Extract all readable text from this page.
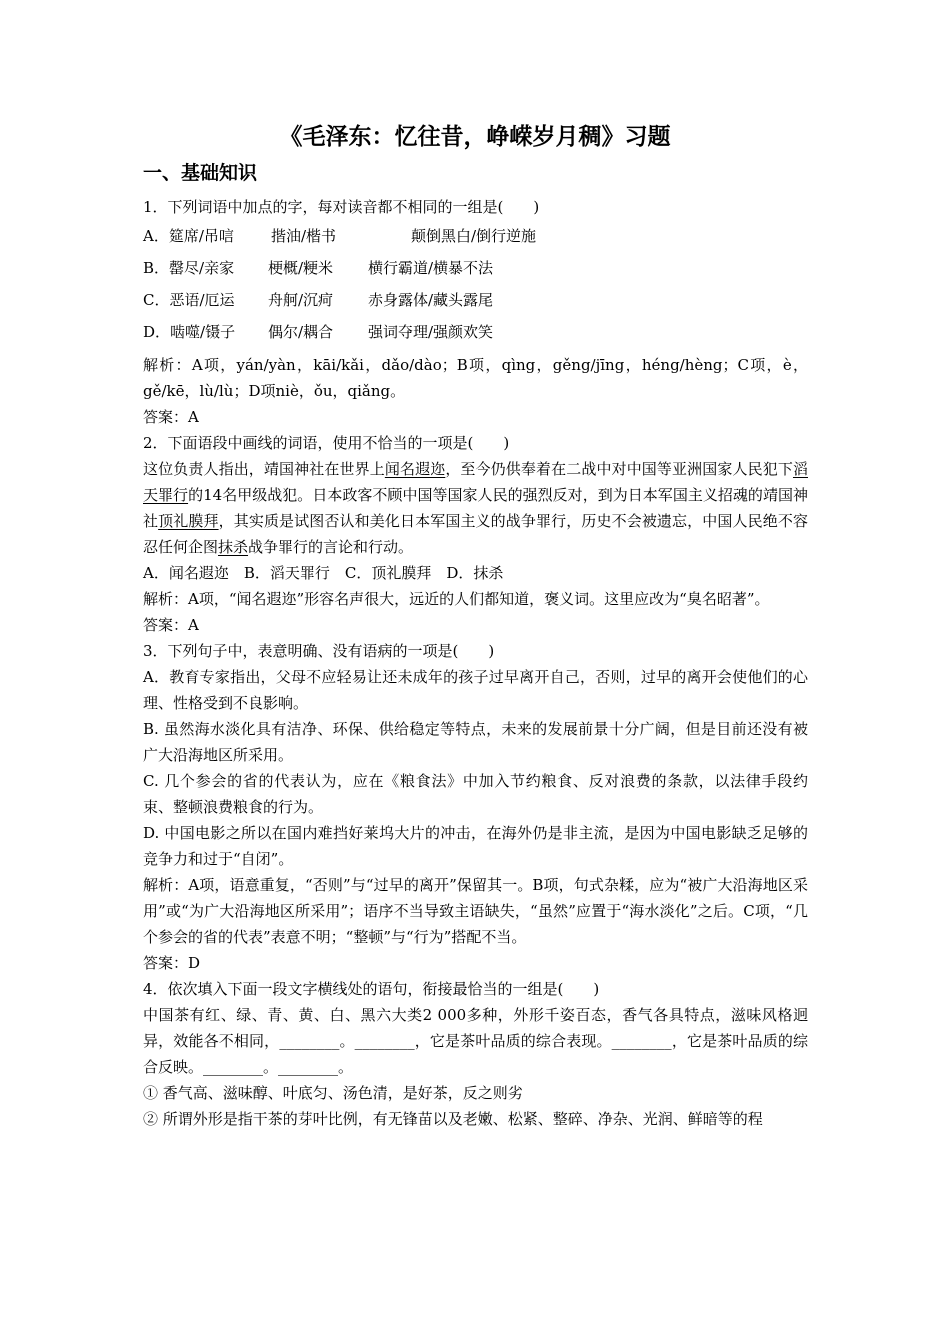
《毛泽东：忆往昔，峥嵘岁月稠》习题
一、基础知识

1．下列词语中加点的字，每对读音都不相同的一组是(　　)

A．筵席/吊唁 揩油/楷书	颠倒黑白/倒行逆施
B．罄尽/亲家 梗概/粳米 横行霸道/横暴不法
C．恶语/厄运 舟舸/沉疴 赤身露体/藏头露尾
D．啮噬/镊子 偶尔/耦合 强词夺理/强颜欢笑

解析：A项，yán/yàn，kāi/kǎi，dǎo/dào；B项，qìng，gěng/jīng，héng/hèng；C项，è，gě/kē，lù/lù；D项niè，ǒu，qiǎng。

答案：A

2．下面语段中画线的词语，使用不恰当的一项是(　　)

这位负责人指出，靖国神社在世界上闻名遐迩，至今仍供奉着在二战中对中国等亚洲国家人民犯下滔天罪行的14名甲级战犯。日本政客不顾中国等国家人民的强烈反对，到为日本军国主义招魂的靖国神社顶礼膜拜，其实质是试图否认和美化日本军国主义的战争罪行，历史不会被遗忘，中国人民绝不容忍任何企图抹杀战争罪行的言论和行动。

A．闻名遐迩　B．滔天罪行　C．顶礼膜拜　D．抹杀

解析：A项，“闻名遐迩”形容名声很大，远近的人们都知道，褒义词。这里应改为“臭名昭著”。

答案：A

3．下列句子中，表意明确、没有语病的一项是(　　)

A．教育专家指出，父母不应轻易让还未成年的孩子过早离开自己，否则，过早的离开会使他们的心理、性格受到不良影响。

B. 虽然海水淡化具有洁净、环保、供给稳定等特点，未来的发展前景十分广阔，但是目前还没有被广大沿海地区所采用。

C. 几个参会的省的代表认为，应在《粮食法》中加入节约粮食、反对浪费的条款，以法律手段约束、整顿浪费粮食的行为。

D. 中国电影之所以在国内难挡好莱坞大片的冲击，在海外仍是非主流，是因为中国电影缺乏足够的竞争力和过于“自闭”。

解析：A项，语意重复，“否则”与“过早的离开”保留其一。B项，句式杂糅，应为“被广大沿海地区采用”或“为广大沿海地区所采用”；语序不当导致主语缺失，“虽然”应置于“海水淡化”之后。C项，“几个参会的省的代表”表意不明；“整顿”与“行为”搭配不当。

答案：D

4．依次填入下面一段文字横线处的语句，衔接最恰当的一组是(　　)

中国茶有红、绿、青、黄、白、黑六大类2 000多种，外形千姿百态，香气各具特点，滋味风格迥异，效能各不相同，________。________，它是茶叶品质的综合表现。________，它是茶叶品质的综合反映。________。________。

① 香气高、滋味醇、叶底匀、汤色清，是好茶，反之则劣

② 所谓外形是指干茶的芽叶比例，有无锋苗以及老嫩、松紧、整碎、净杂、光润、鲜暗等的程
